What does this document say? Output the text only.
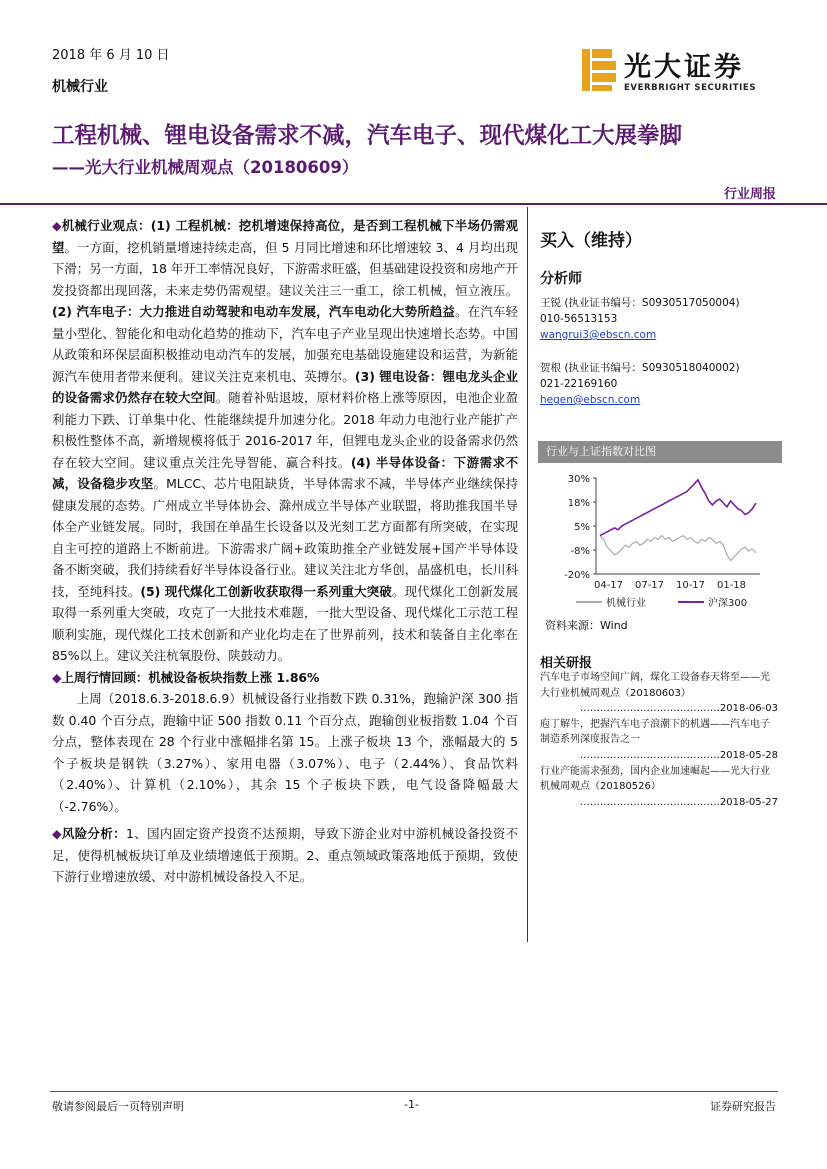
2018 年 6 月 10 日
机械行业
光大证券
EVERBRIGHT SECURITIES
工程机械、锂电设备需求不减，汽车电子、现代煤化工大展拳脚
——光大行业机械周观点（20180609）
行业周报

◆机械行业观点：(1) 工程机械：挖机增速保持高位，是否到工程机械下半场仍需观望。一方面，挖机销量增速持续走高，但 5 月同比增速和环比增速较 3、4 月均出现下滑；另一方面，18 年开工率情况良好，下游需求旺盛，但基础建设投资和房地产开发投资都出现回落，未来走势仍需观望。建议关注三一重工，徐工机械，恒立液压。(2) 汽车电子：大力推进自动驾驶和电动车发展，汽车电动化大势所趋益。在汽车轻量小型化、智能化和电动化趋势的推动下，汽车电子产业呈现出快速增长态势。中国从政策和环保层面积极推动电动汽车的发展，加强充电基础设施建设和运营，为新能源汽车使用者带来便利。建议关注克来机电、英搏尔。(3) 锂电设备：锂电龙头企业的设备需求仍然存在较大空间。随着补贴退坡，原材料价格上涨等原因，电池企业盈利能力下跌、订单集中化、性能继续提升加速分化。2018 年动力电池行业产能扩产积极性整体不高，新增规模将低于 2016-2017 年，但锂电龙头企业的设备需求仍然存在较大空间。建议重点关注先导智能、赢合科技。(4) 半导体设备：下游需求不减，设备稳步攻坚。MLCC、芯片电阻缺货，半导体需求不减，半导体产业继续保持健康发展的态势。广州成立半导体协会、滁州成立半导体产业联盟，将助推我国半导体全产业链发展。同时，我国在单晶生长设备以及光刻工艺方面都有所突破，在实现自主可控的道路上不断前进。下游需求广阔+政策助推全产业链发展+国产半导体设备不断突破，我们持续看好半导体设备行业。建议关注北方华创，晶盛机电，长川科技，至纯科技。(5) 现代煤化工创新收获取得一系列重大突破。现代煤化工创新发展取得一系列重大突破，攻克了一大批技术难题，一批大型设备、现代煤化工示范工程顺利实施，现代煤化工技术创新和产业化均走在了世界前列，技术和装备自主化率在 85%以上。建议关注杭氧股份、陕鼓动力。

◆上周行情回顾：机械设备板块指数上涨 1.86%

上周（2018.6.3-2018.6.9）机械设备行业指数下跌 0.31%，跑输沪深 300 指数 0.40 个百分点，跑输中证 500 指数 0.11 个百分点，跑输创业板指数 1.04 个百分点，整体表现在 28 个行业中涨幅排名第 15。上涨子板块 13 个，涨幅最大的 5 个子板块是钢铁（3.27%）、家用电器（3.07%）、电子（2.44%）、食品饮料（2.40%）、计算机（2.10%），其余 15 个子板块下跌，电气设备降幅最大（-2.76%）。

◆风险分析：1、国内固定资产投资不达预期，导致下游企业对中游机械设备投资不足，使得机械板块订单及业绩增速低于预期。2、重点领域政策落地低于预期，致使下游行业增速放缓、对中游机械设备投入不足。

买入（维持）
分析师
王锐 (执业证书编号：S0930517050004)
010-56513153
wangrui3@ebscn.com
贺根 (执业证书编号：S0930518040002)
021-22169160
hegen@ebscn.com
行业与上证指数对比图
30%
18%
5%
-8%
-20%
04-17 07-17 10-17 01-18
机械行业	沪深300
资料来源：Wind
相关研报
汽车电子市场空间广阔，煤化工设备春天将至——光大行业机械周观点（20180603）
……………………………………2018-06-03
庖丁解牛，把握汽车电子浪潮下的机遇——汽车电子制造系列深度报告之一
……………………………………2018-05-28
行业产能需求强劲，国内企业加速崛起——光大行业机械周观点（20180526）
……………………………………2018-05-27
敬请参阅最后一页特别声明	-1-	证券研究报告
